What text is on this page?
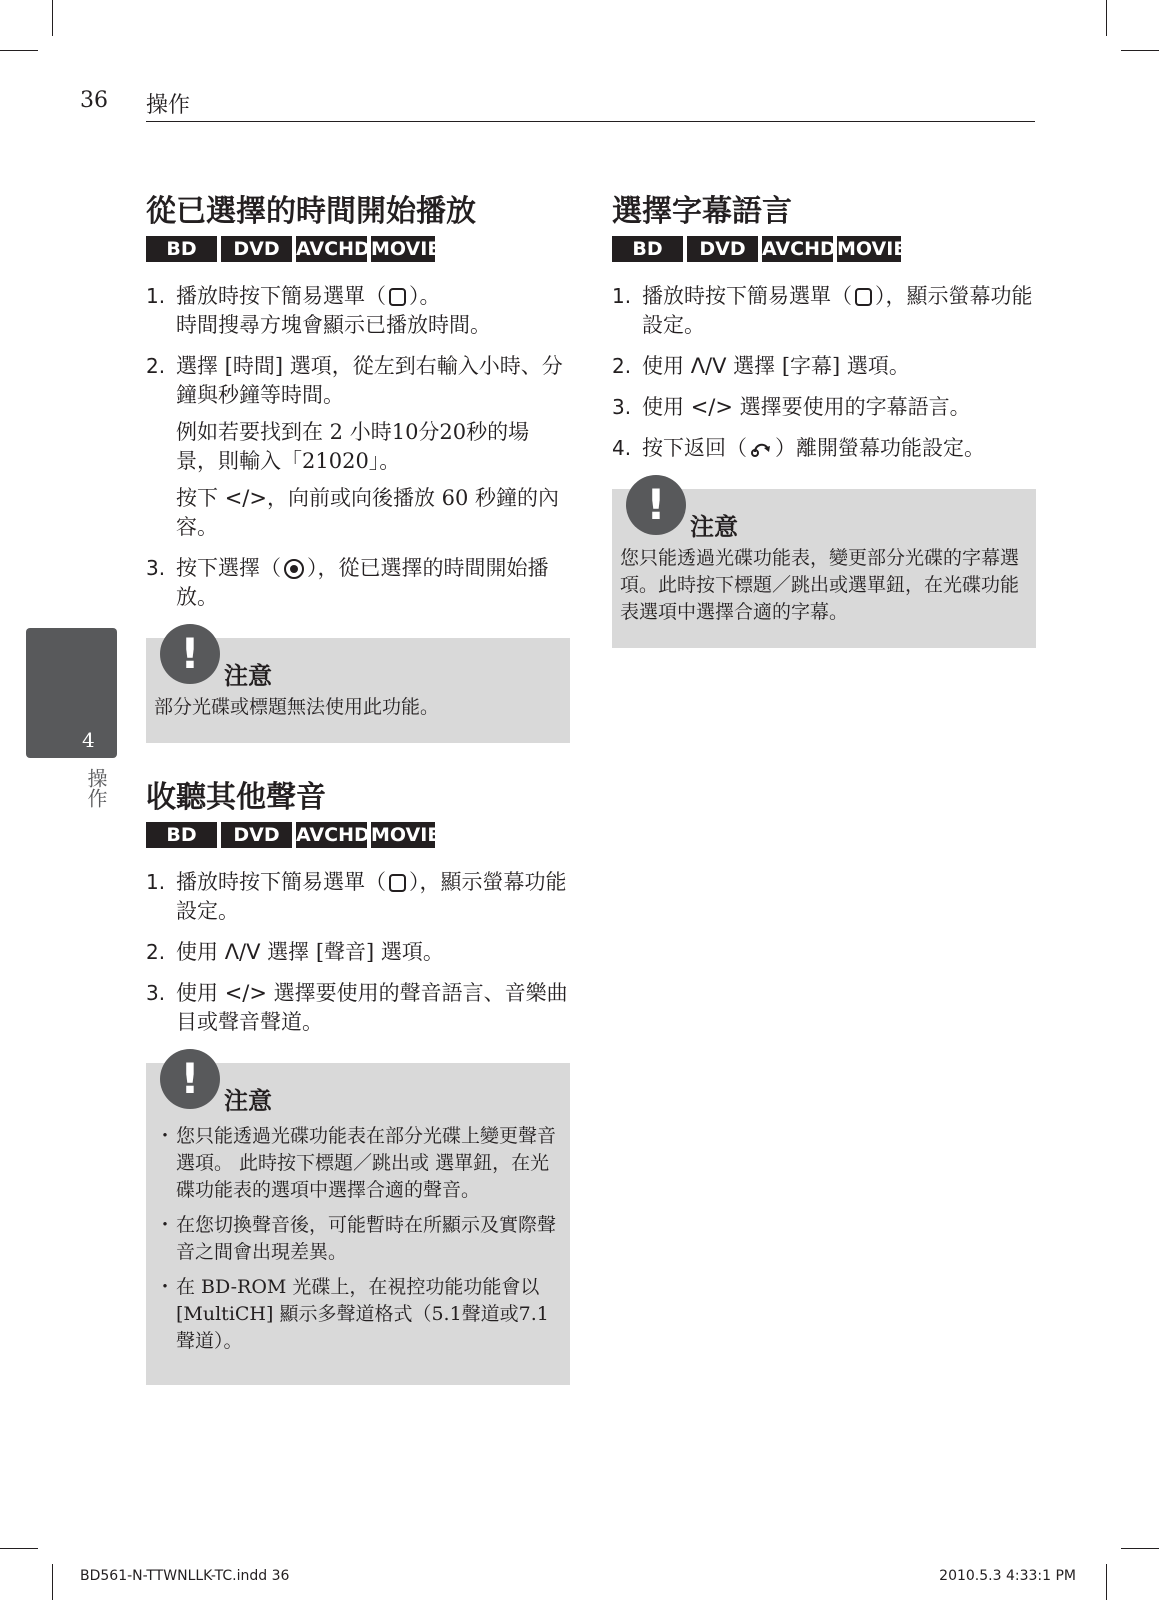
36 操作
4
操作
從已選擇的時間開始播放
BD	DVD AVCHD MOVIE
1. 播放時按下簡易選單（ ）。
時間搜尋方塊會顯示已播放時間。

2. 選擇 [時間] 選項，從左到右輸入小時、分鐘與秒鐘等時間。

例如若要找到在 2 小時10分20秒的場景，則輸入「21020」。

按下 </>，向前或向後播放 60 秒鐘的內容。

3. 按下選擇（ ），從已選擇的時間開始播放。

!	注意
部分光碟或標題無法使用此功能。
收聽其他聲音
BD	DVD AVCHD MOVIE
1. 播放時按下簡易選單（ ），顯示螢幕功能設定。

2. 使用 Λ/V 選擇 [聲音] 選項。

3. 使用 </> 選擇要使用的聲音語言、音樂曲目或聲音聲道。

!	注意
・ 您只能透過光碟功能表在部分光碟上變更聲音選項。 此時按下標題／跳出或 選單鈕，在光碟功能表的選項中選擇合適的聲音。
・ 在您切換聲音後，可能暫時在所顯示及實際聲音之間會出現差異。
・ 在 BD-ROM 光碟上，在視控功能功能會以 [MultiCH] 顯示多聲道格式（5.1聲道或7.1聲道）。
選擇字幕語言
BD	DVD AVCHD MOVIE
1. 播放時按下簡易選單（ ），顯示螢幕功能設定。

2. 使用 Λ/V 選擇 [字幕] 選項。

3. 使用 </> 選擇要使用的字幕語言。

4. 按下返回（ ）離開螢幕功能設定。

!	注意
您只能透過光碟功能表，變更部分光碟的字幕選項。此時按下標題／跳出或選單鈕，在光碟功能表選項中選擇合適的字幕。
BD561-N-TTWNLLK-TC.indd 36	2010.5.3 4:33:1 PM
